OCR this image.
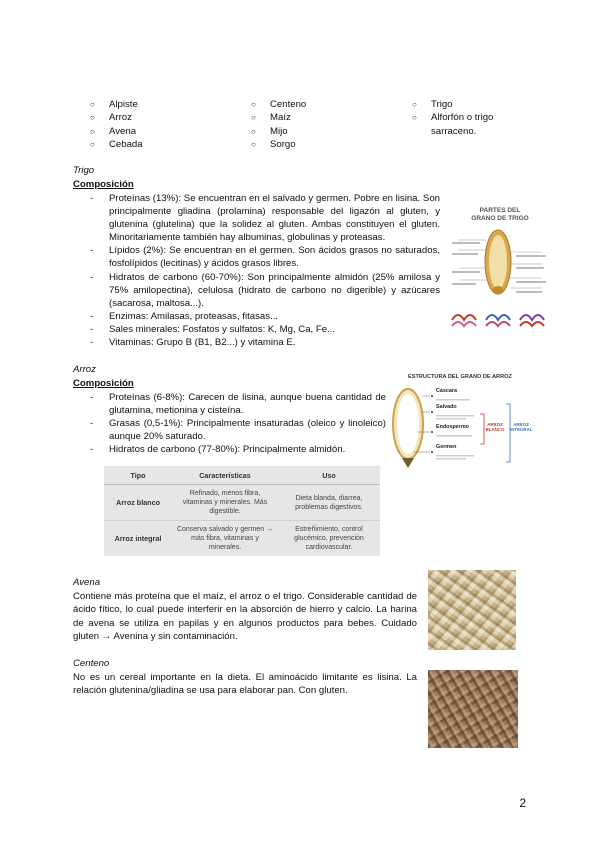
○ Alpiste
○ Arroz
○ Avena
○ Cebada
○ Centeno
○ Maíz
○ Mijo
○ Sorgo
○ Trigo
○ Alforfón o trigo sarraceno.
Trigo
Composición
- Proteínas (13%): Se encuentran en el salvado y germen. Pobre en lisina. Son principalmente gliadina (prolamina) responsable del ligazón al gluten, y glutenina (glutelina) que la solidez al gluten. Ambas constituyen el gluten. Minoritariamente también hay albuminas, globulinas y proteasas.
- Lípidos (2%): Se encuentran en el germen. Son ácidos grasos no saturados, fosfolípidos (lecitinas) y ácidos grasos libres.
- Hidratos de carbono (60-70%): Son principalmente almidón (25% amilosa y 75% amilopectina), celulosa (hidrato de carbono no digerible) y azúcares (sacarosa, maltosa...).
- Enzimas: Amilasas, proteasas, fitasas...
- Sales minerales: Fosfatos y sulfatos: K, Mg, Ca, Fe...
- Vitaminas: Grupo B (B1, B2...) y vitamina E.
PARTES DEL
GRANO DE TRIGO
Arroz
Composición
- Proteínas (6-8%): Carecen de lisina, aunque buena cantidad de glutamina, metionina y cisteína.
- Grasas (0,5-1%): Principalmente insaturadas (oleico y linoleico) aunque 20% saturado.
- Hidratos de carbono (77-80%): Principalmente almidón.
ESTRUCTURA DEL GRANO DE ARROZ
Cáscara
Salvado
Endospermo
Germen
ARROZ BLANCO
ARROZ INTEGRAL
Tipo	Características	Uso
Arroz blanco	Refinado, menos fibra, vitaminas y minerales. Más digestible.	Dieta blanda, diarrea, problemas digestivos.
Arroz integral	Conserva salvado y germen → más fibra, vitaminas y minerales.	Estreñimiento, control glucémico, prevención cardiovascular.
Avena
Contiene más proteína que el maíz, el arroz o el trigo. Considerable cantidad de ácido fítico, lo cual puede interferir en la absorción de hierro y calcio. La harina de avena se utiliza en papilas y en algunos productos para bebes. Cuidado gluten → Avenina y sin contaminación.
Centeno
No es un cereal importante en la dieta. El aminoácido limitante es lisina. La relación glutenina/gliadina se usa para elaborar pan. Con gluten.
2
